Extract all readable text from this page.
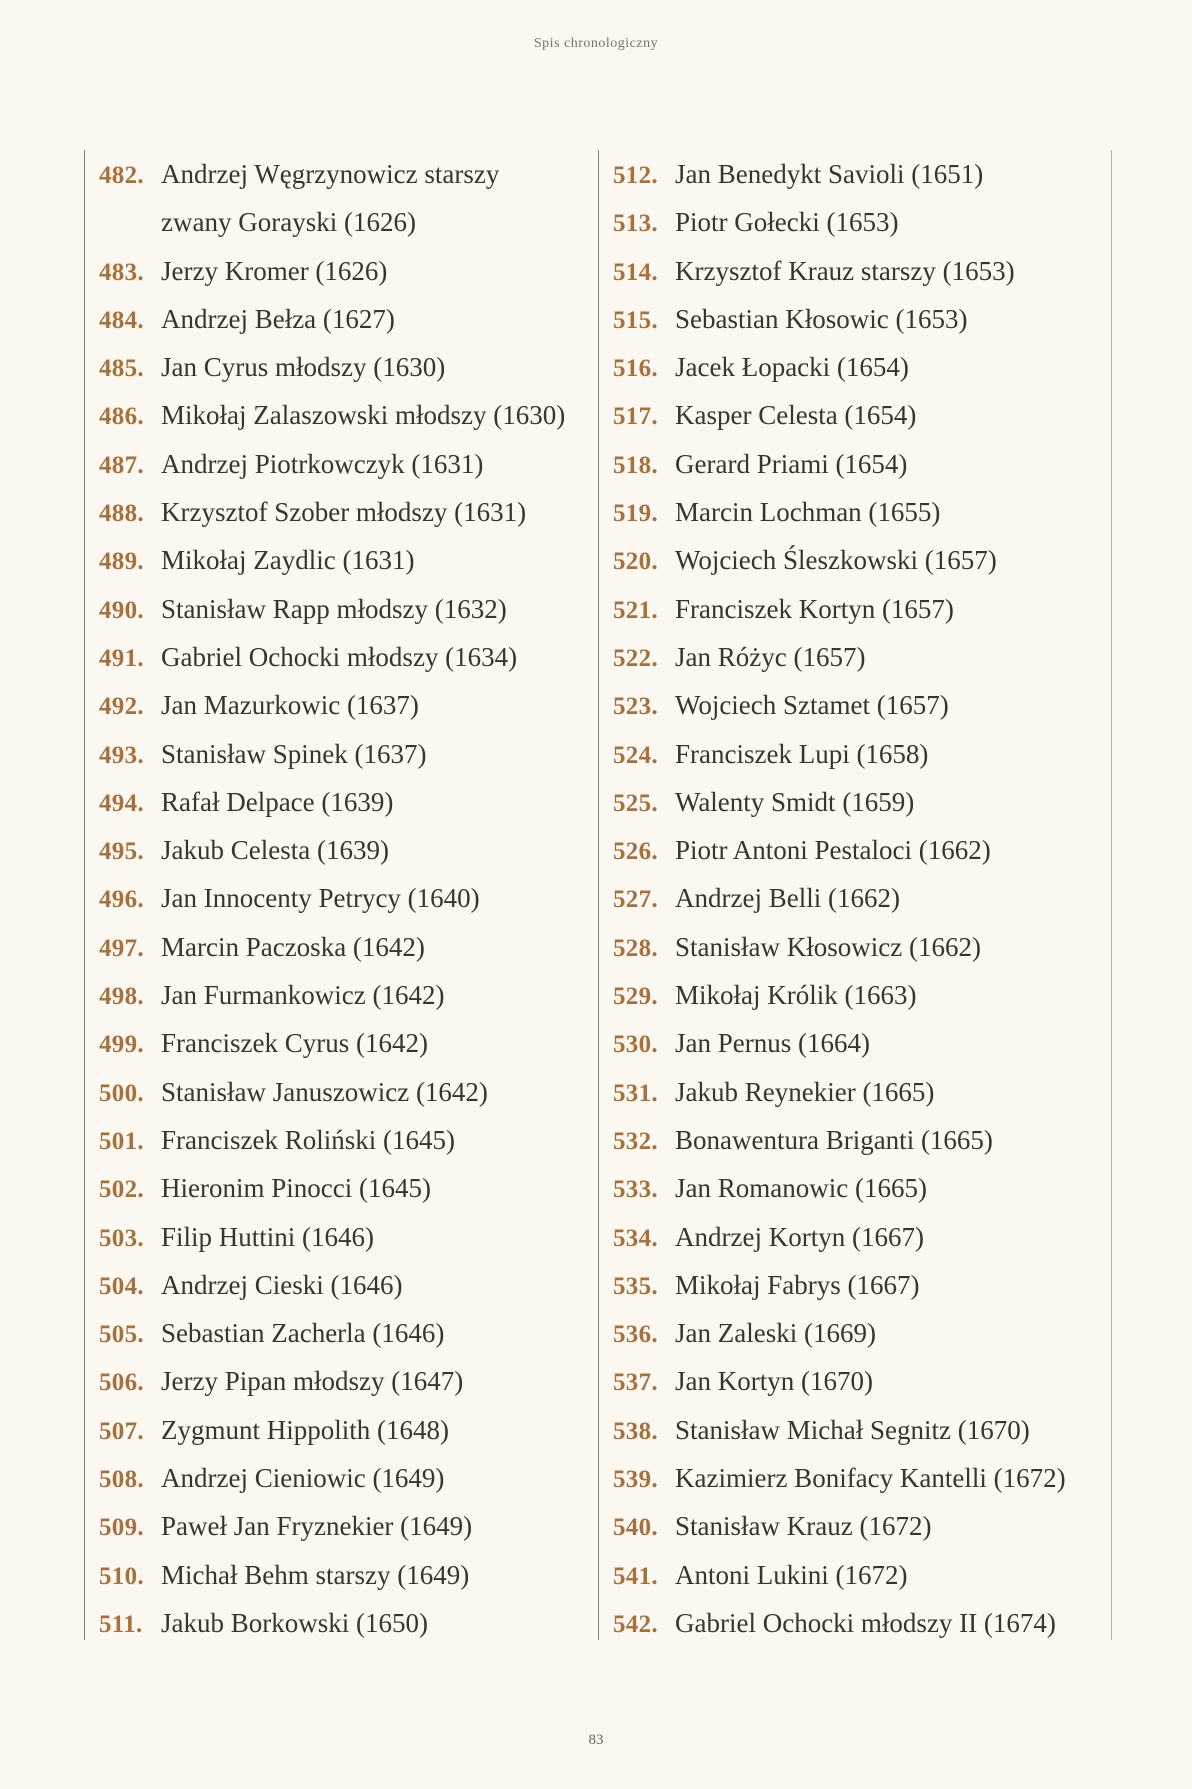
Spis chronologiczny
482. Andrzej Węgrzynowicz starszy
zwany Gorayski (1626)
483. Jerzy Kromer (1626)
484. Andrzej Bełza (1627)
485. Jan Cyrus młodszy (1630)
486. Mikołaj Zalaszowski młodszy (1630)
487. Andrzej Piotrkowczyk (1631)
488. Krzysztof Szober młodszy (1631)
489. Mikołaj Zaydlic (1631)
490. Stanisław Rapp młodszy (1632)
491. Gabriel Ochocki młodszy (1634)
492. Jan Mazurkowic (1637)
493. Stanisław Spinek (1637)
494. Rafał Delpace (1639)
495. Jakub Celesta (1639)
496. Jan Innocenty Petrycy (1640)
497. Marcin Paczoska (1642)
498. Jan Furmankowicz (1642)
499. Franciszek Cyrus (1642)
500. Stanisław Januszowicz (1642)
501. Franciszek Roliński (1645)
502. Hieronim Pinocci (1645)
503. Filip Huttini (1646)
504. Andrzej Cieski (1646)
505. Sebastian Zacherla (1646)
506. Jerzy Pipan młodszy (1647)
507. Zygmunt Hippolith (1648)
508. Andrzej Cieniowic (1649)
509. Paweł Jan Fryznekier (1649)
510. Michał Behm starszy (1649)
511. Jakub Borkowski (1650)
512. Jan Benedykt Savioli (1651)
513. Piotr Gołecki (1653)
514. Krzysztof Krauz starszy (1653)
515. Sebastian Kłosowic (1653)
516. Jacek Łopacki (1654)
517. Kasper Celesta (1654)
518. Gerard Priami (1654)
519. Marcin Lochman (1655)
520. Wojciech Śleszkowski (1657)
521. Franciszek Kortyn (1657)
522. Jan Różyc (1657)
523. Wojciech Sztamet (1657)
524. Franciszek Lupi (1658)
525. Walenty Smidt (1659)
526. Piotr Antoni Pestaloci (1662)
527. Andrzej Belli (1662)
528. Stanisław Kłosowicz (1662)
529. Mikołaj Królik (1663)
530. Jan Pernus (1664)
531. Jakub Reynekier (1665)
532. Bonawentura Briganti (1665)
533. Jan Romanowic (1665)
534. Andrzej Kortyn (1667)
535. Mikołaj Fabrys (1667)
536. Jan Zaleski (1669)
537. Jan Kortyn (1670)
538. Stanisław Michał Segnitz (1670)
539. Kazimierz Bonifacy Kantelli (1672)
540. Stanisław Krauz (1672)
541. Antoni Lukini (1672)
542. Gabriel Ochocki młodszy II (1674)
83
